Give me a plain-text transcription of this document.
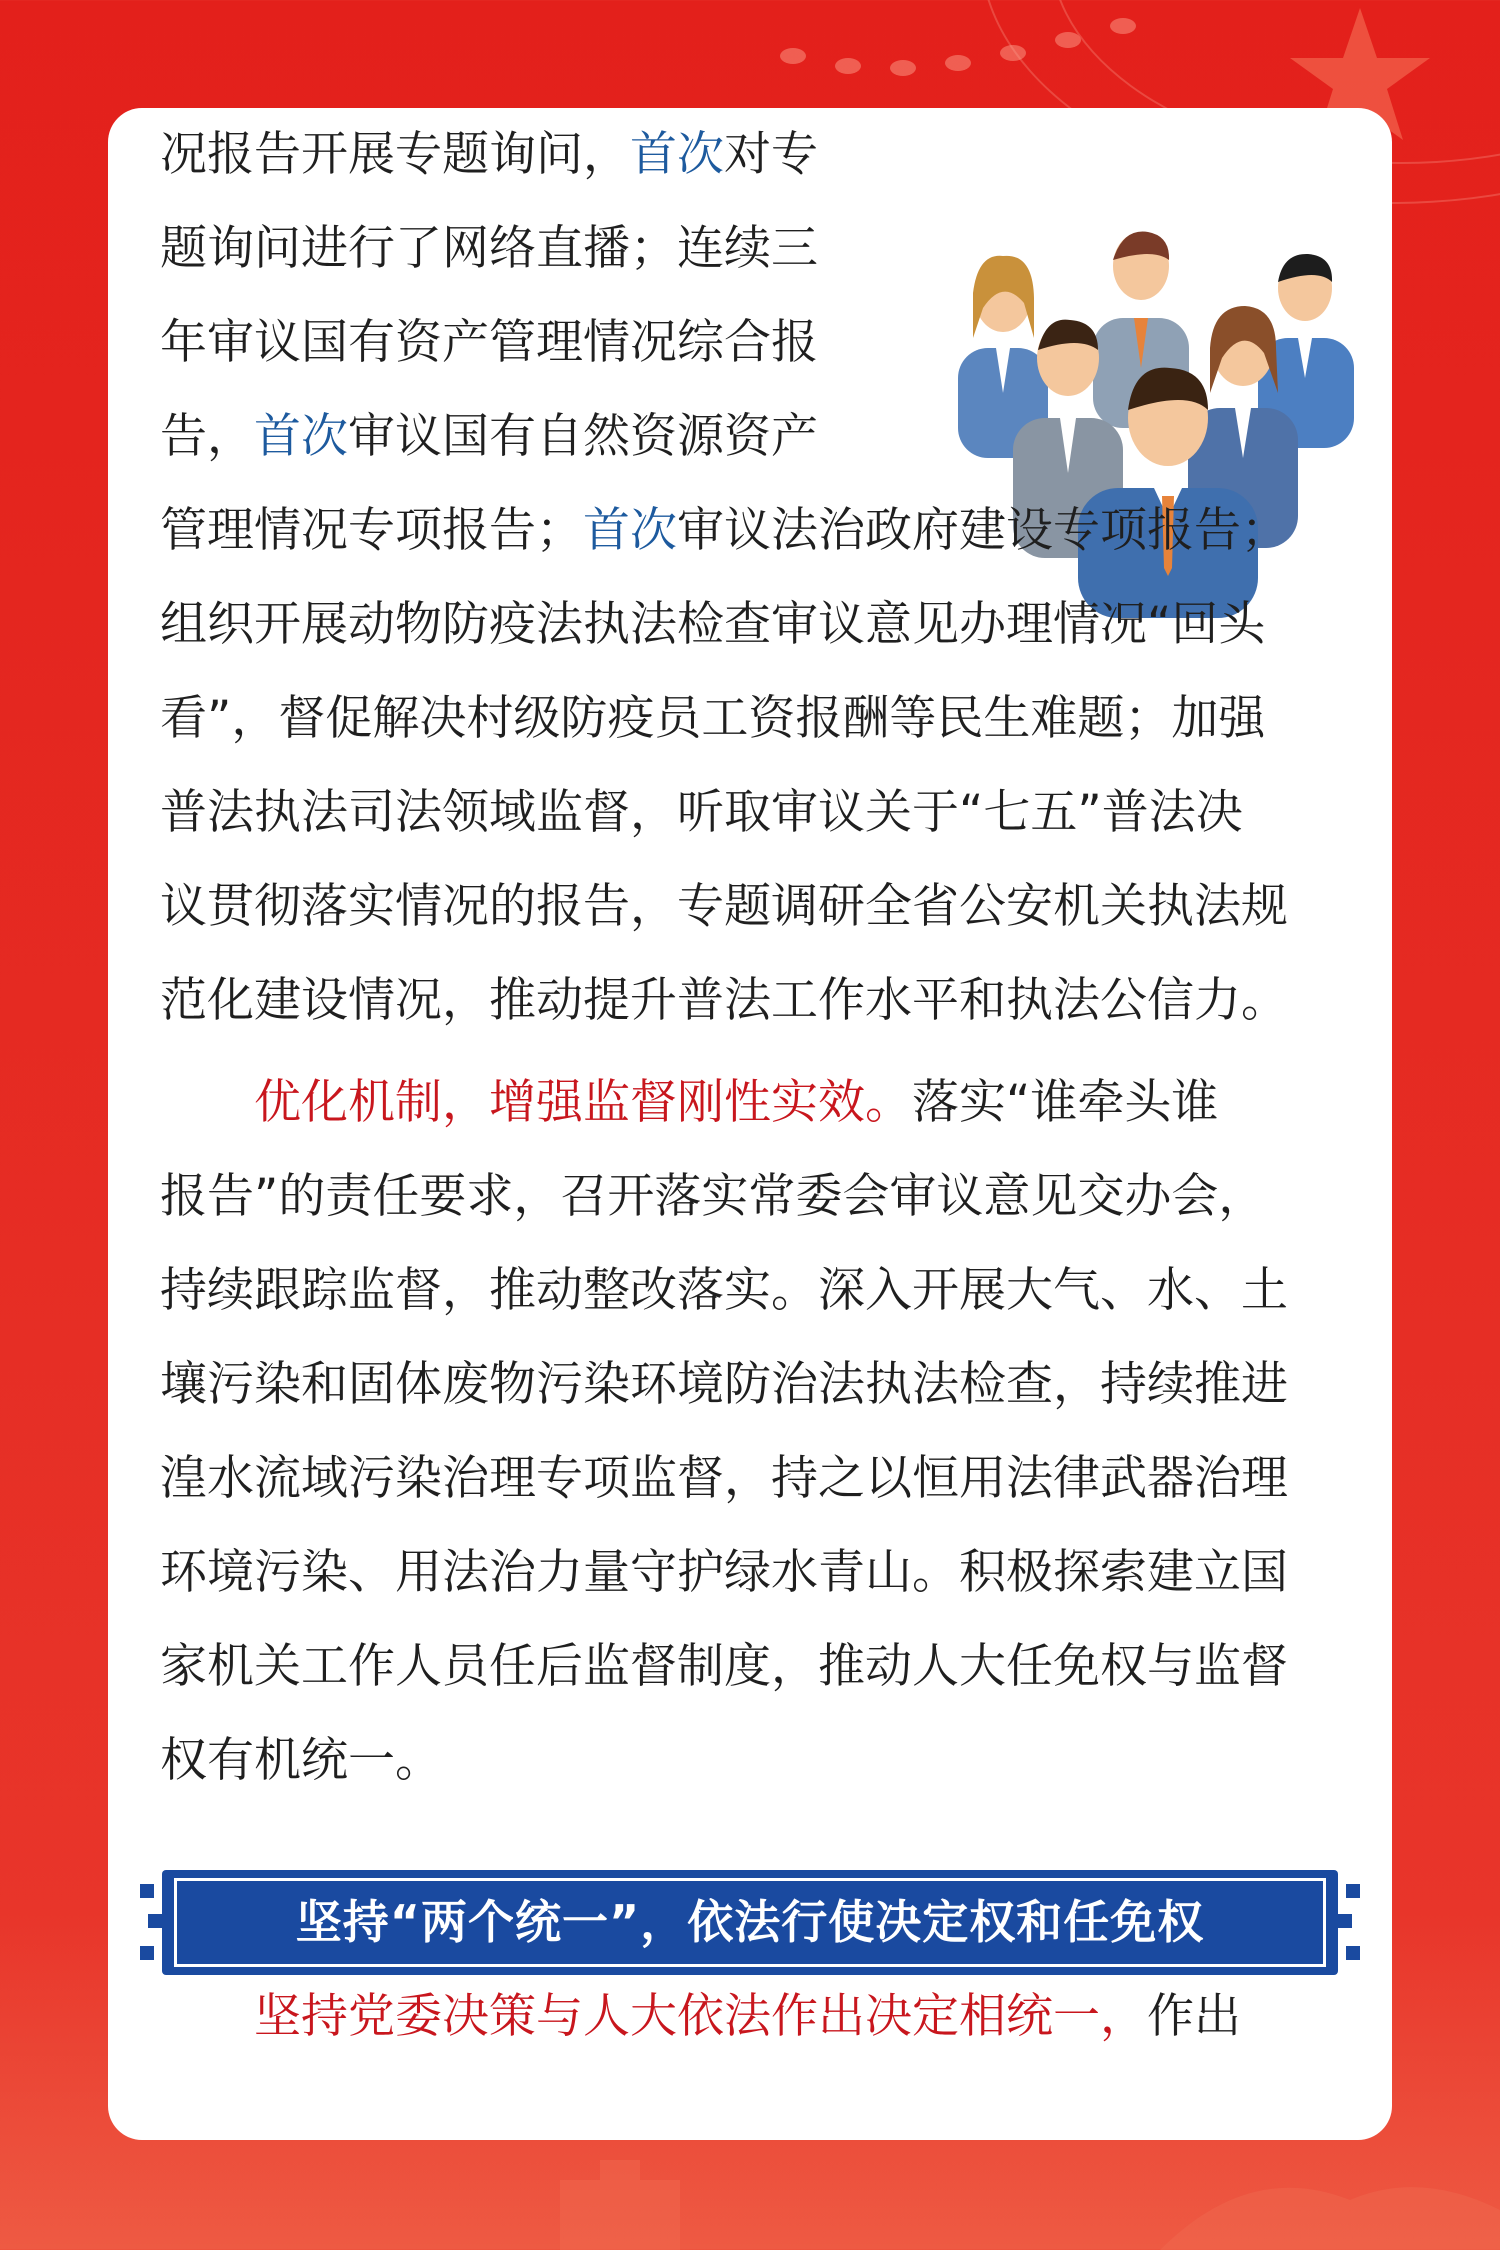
况报告开展专题询问，首次对专
题询问进行了网络直播；连续三
年审议国有资产管理情况综合报
告，首次审议国有自然资源资产
管理情况专项报告；首次审议法治政府建设专项报告；
组织开展动物防疫法执法检查审议意见办理情况“回头
看”，督促解决村级防疫员工资报酬等民生难题；加强
普法执法司法领域监督，听取审议关于“七五”普法决
议贯彻落实情况的报告，专题调研全省公安机关执法规
范化建设情况，推动提升普法工作水平和执法公信力。
优化机制，增强监督刚性实效。落实“谁牵头谁
报告”的责任要求，召开落实常委会审议意见交办会，
持续跟踪监督，推动整改落实。深入开展大气、水、土
壤污染和固体废物污染环境防治法执法检查，持续推进
湟水流域污染治理专项监督，持之以恒用法律武器治理
环境污染、用法治力量守护绿水青山。积极探索建立国
家机关工作人员任后监督制度，推动人大任免权与监督
权有机统一。
坚持党委决策与人大依法作出决定相统一，作出
坚持“两个统一”，依法行使决定权和任免权
